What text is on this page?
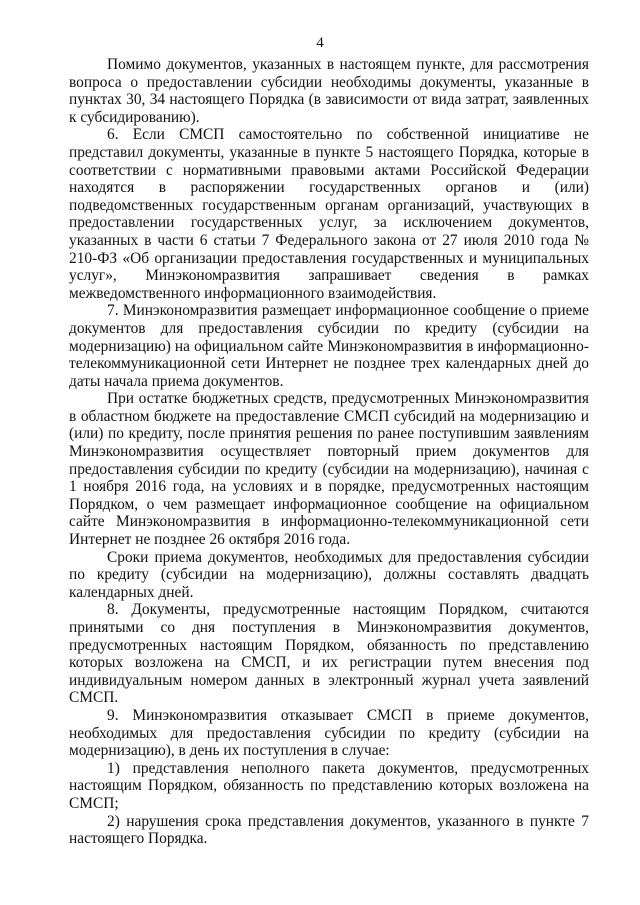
4

Помимо документов, указанных в настоящем пункте, для рассмотрения вопроса о предоставлении субсидии необходимы документы, указанные в пунктах 30, 34 настоящего Порядка (в зависимости от вида затрат, заявленных к субсидированию).

6. Если СМСП самостоятельно по собственной инициативе не представил документы, указанные в пункте 5 настоящего Порядка, которые в соответствии с нормативными правовыми актами Российской Федерации находятся в распоряжении государственных органов и (или) подведомственных государственным органам организаций, участвующих в предоставлении государственных услуг, за исключением документов, указанных в части 6 статьи 7 Федерального закона от 27 июля 2010 года № 210-ФЗ «Об организации предоставления государственных и муниципальных услуг», Минэкономразвития запрашивает сведения в рамках межведомственного информационного взаимодействия.

7. Минэкономразвития размещает информационное сообщение о приеме документов для предоставления субсидии по кредиту (субсидии на модернизацию) на официальном сайте Минэкономразвития в информационно-телекоммуникационной сети Интернет не позднее трех календарных дней до даты начала приема документов.

При остатке бюджетных средств, предусмотренных Минэкономразвития в областном бюджете на предоставление СМСП субсидий на модернизацию и (или) по кредиту, после принятия решения по ранее поступившим заявлениям Минэкономразвития осуществляет повторный прием документов для предоставления субсидии по кредиту (субсидии на модернизацию), начиная с 1 ноября 2016 года, на условиях и в порядке, предусмотренных настоящим Порядком, о чем размещает информационное сообщение на официальном сайте Минэкономразвития в информационно-телекоммуникационной сети Интернет не позднее 26 октября 2016 года.

Сроки приема документов, необходимых для предоставления субсидии по кредиту (субсидии на модернизацию), должны составлять двадцать календарных дней.

8. Документы, предусмотренные настоящим Порядком, считаются принятыми со дня поступления в Минэкономразвития документов, предусмотренных настоящим Порядком, обязанность по представлению которых возложена на СМСП, и их регистрации путем внесения под индивидуальным номером данных в электронный журнал учета заявлений СМСП.

9. Минэкономразвития отказывает СМСП в приеме документов, необходимых для предоставления субсидии по кредиту (субсидии на модернизацию), в день их поступления в случае:

1) представления неполного пакета документов, предусмотренных настоящим Порядком, обязанность по представлению которых возложена на СМСП;

2) нарушения срока представления документов, указанного в пункте 7 настоящего Порядка.
